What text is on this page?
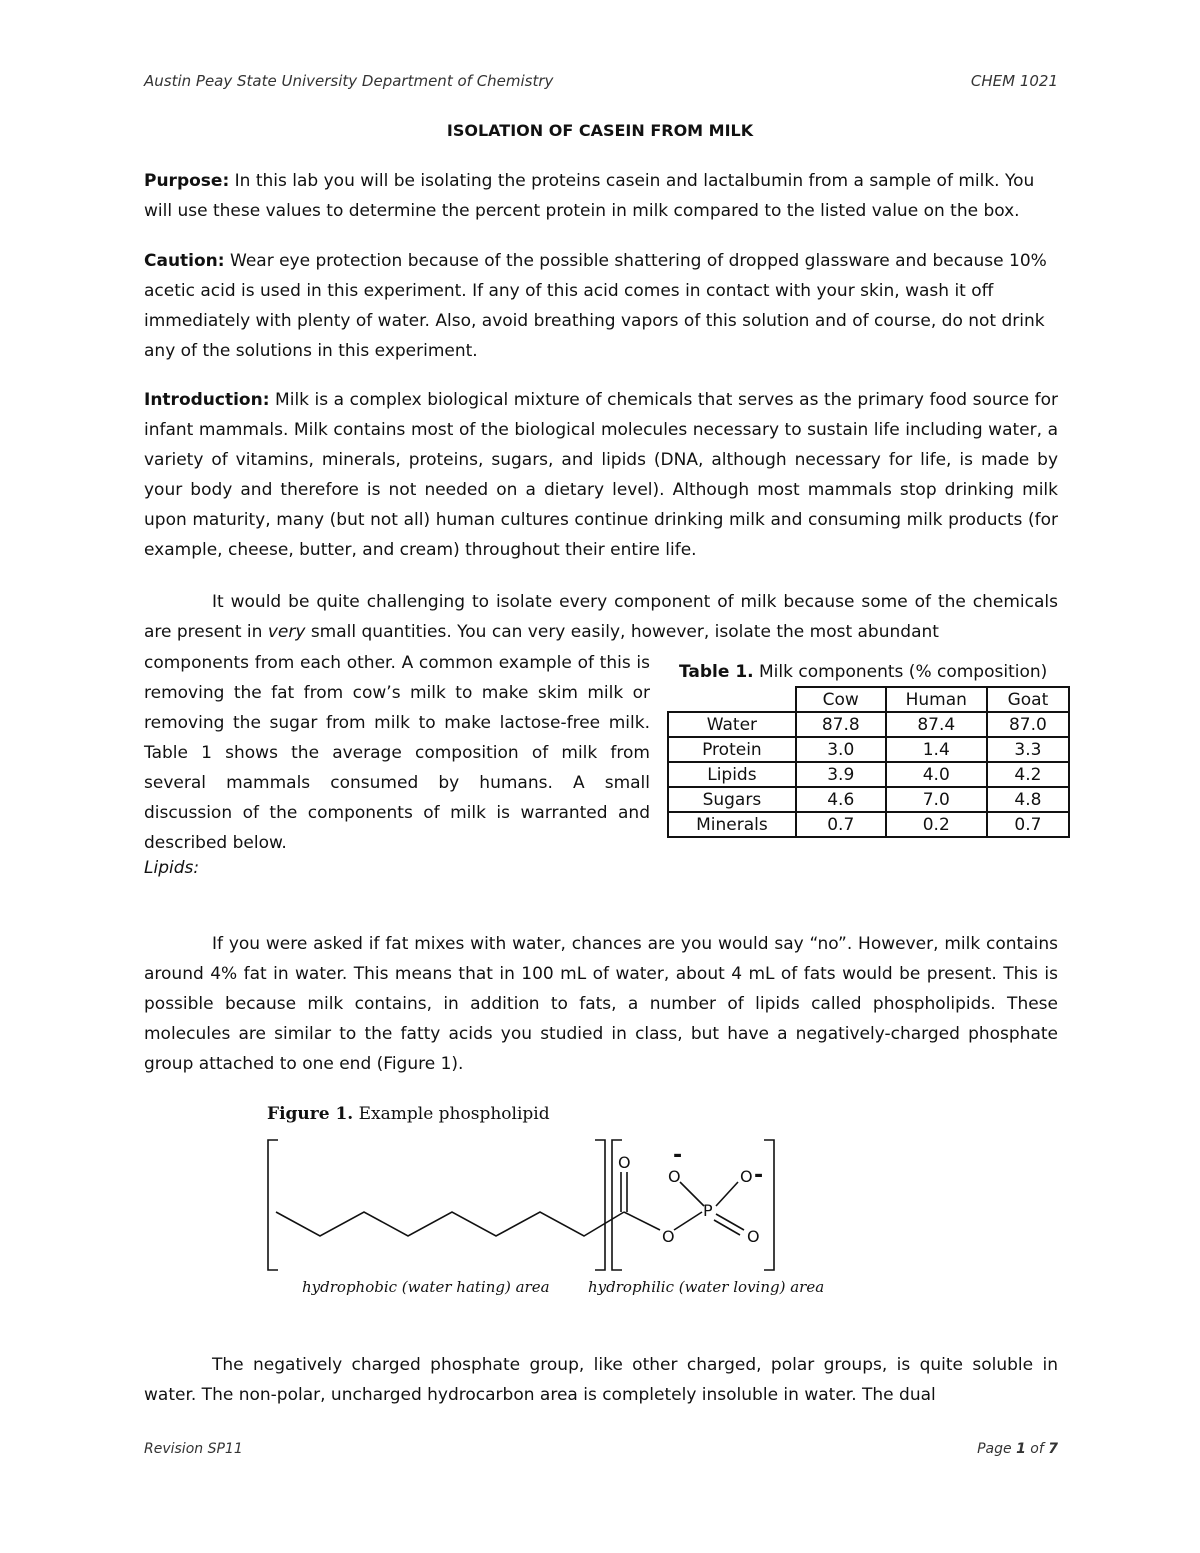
Austin Peay State University Department of Chemistry	CHEM 1021
ISOLATION OF CASEIN FROM MILK
Purpose: In this lab you will be isolating the proteins casein and lactalbumin from a sample of milk. You will use these values to determine the percent protein in milk compared to the listed value on the box.
Caution: Wear eye protection because of the possible shattering of dropped glassware and because 10% acetic acid is used in this experiment. If any of this acid comes in contact with your skin, wash it off immediately with plenty of water. Also, avoid breathing vapors of this solution and of course, do not drink any of the solutions in this experiment.
Introduction: Milk is a complex biological mixture of chemicals that serves as the primary food source for infant mammals. Milk contains most of the biological molecules necessary to sustain life including water, a variety of vitamins, minerals, proteins, sugars, and lipids (DNA, although necessary for life, is made by your body and therefore is not needed on a dietary level). Although most mammals stop drinking milk upon maturity, many (but not all) human cultures continue drinking milk and consuming milk products (for example, cheese, butter, and cream) throughout their entire life.
It would be quite challenging to isolate every component of milk because some of the chemicals are present in very small quantities. You can very easily, however, isolate the most abundant
components from each other. A common example of this is removing the fat from cow’s milk to make skim milk or removing the sugar from milk to make lactose-free milk. Table 1 shows the average composition of milk from several mammals consumed by humans. A small discussion of the components of milk is warranted and described below.
Table 1. Milk components (% composition)
	Cow	Human	Goat
Water	87.8	87.4	87.0
Protein	3.0	1.4	3.3
Lipids	3.9	4.0	4.2
Sugars	4.6	7.0	4.8
Minerals	0.7	0.2	0.7
Lipids:
If you were asked if fat mixes with water, chances are you would say “no”. However, milk contains around 4% fat in water. This means that in 100 mL of water, about 4 mL of fats would be present. This is possible because milk contains, in addition to fats, a number of lipids called phospholipids. These molecules are similar to the fatty acids you studied in class, but have a negatively-charged phosphate group attached to one end (Figure 1).
Figure 1. Example phospholipid
O
O
P
O	O
O
-
-
hydrophobic (water hating) area	hydrophilic (water loving) area
The negatively charged phosphate group, like other charged, polar groups, is quite soluble in water. The non-polar, uncharged hydrocarbon area is completely insoluble in water. The dual
Revision SP11	Page 1 of 7
